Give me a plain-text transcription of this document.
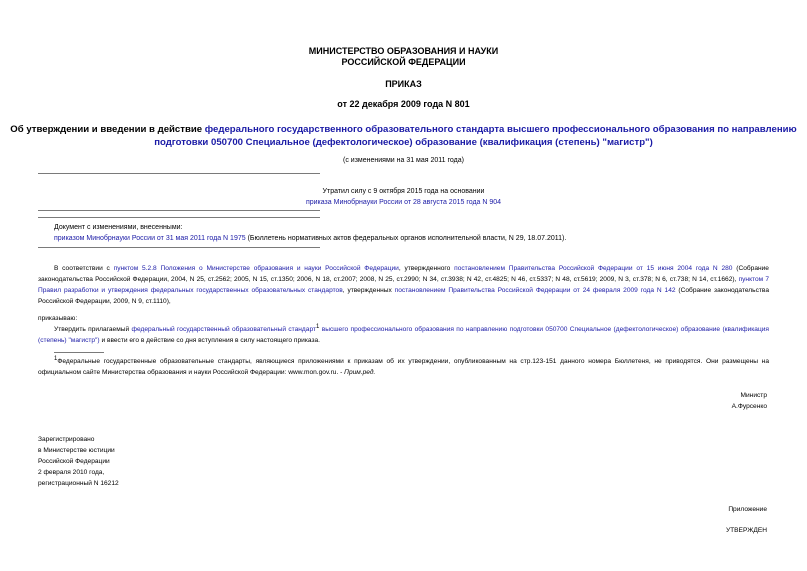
МИНИСТЕРСТВО ОБРАЗОВАНИЯ И НАУКИ
РОССИЙСКОЙ ФЕДЕРАЦИИ
ПРИКАЗ
от 22 декабря 2009 года N 801
Об утверждении и введении в действие федерального государственного образовательного стандарта высшего профессионального образования по направлению
подготовки 050700 Специальное (дефектологическое) образование (квалификация (степень) "магистр")
(с изменениями на 31 мая 2011 года)
Утратил силу с 9 октября 2015 года на основании
приказа Минобрнауки России от 28 августа 2015 года N 904
Документ с изменениями, внесенными:
приказом Минобрнауки России от 31 мая 2011 года N 1975 (Бюллетень нормативных актов федеральных органов исполнительной власти, N 29, 18.07.2011).
В соответствии с пунктом 5.2.8 Положения о Министерстве образования и науки Российской Федерации, утвержденного постановлением Правительства Российской Федерации от 15 июня 2004 года N 280 (Собрание законодательства Российской Федерации, 2004, N 25, ст.2562; 2005, N 15, ст.1350; 2006, N 18, ст.2007; 2008, N 25, ст.2990; N 34, ст.3938; N 42, ст.4825; N 46, ст.5337; N 48, ст.5619; 2009, N 3, ст.378; N 6, ст.738; N 14, ст.1662), пунктом 7 Правил разработки и утверждения федеральных государственных образовательных стандартов, утвержденных постановлением Правительства Российской Федерации от 24 февраля 2009 года N 142 (Собрание законодательства Российской Федерации, 2009, N 9, ст.1110),
приказываю:
Утвердить прилагаемый федеральный государственный образовательный стандарт1 высшего профессионального образования по направлению подготовки 050700 Специальное (дефектологическое) образование (квалификация (степень) "магистр") и ввести его в действие со дня вступления в силу настоящего приказа.
1Федеральные государственные образовательные стандарты, являющиеся приложениями к приказам об их утверждении, опубликованным на стр.123-151 данного номера Бюллетеня, не приводятся. Они размещены на официальном сайте Министерства образования и науки Российской Федерации: www.mon.gov.ru. - Прим.ред.
Министр
А.Фурсенко
Зарегистрировано
в Министерстве юстиции
Российской Федерации
2 февраля 2010 года,
регистрационный N 16212
Приложение
УТВЕРЖДЕН
